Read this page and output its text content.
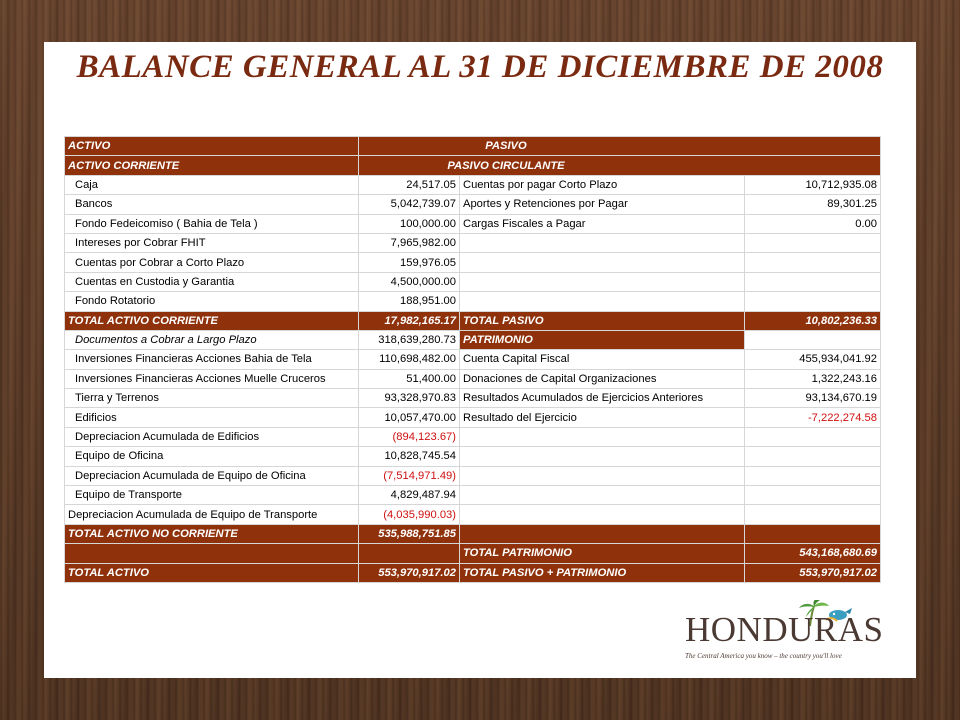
BALANCE GENERAL AL 31 DE DICIEMBRE DE 2008
ACTIVO	PASIVO		
ACTIVO CORRIENTE	PASIVO CIRCULANTE		
Caja	24,517.05	Cuentas por pagar Corto Plazo	10,712,935.08
Bancos	5,042,739.07	Aportes y Retenciones por Pagar	89,301.25
Fondo Fedeicomiso ( Bahia de Tela )	100,000.00	Cargas Fiscales a Pagar	0.00
Intereses por Cobrar FHIT	7,965,982.00		
Cuentas por Cobrar a Corto Plazo	159,976.05		
Cuentas en Custodia y Garantia	4,500,000.00		
Fondo Rotatorio	188,951.00		
TOTAL ACTIVO CORRIENTE	17,982,165.17	TOTAL PASIVO	10,802,236.33
Documentos a Cobrar a Largo Plazo	318,639,280.73	PATRIMONIO	
Inversiones Financieras Acciones Bahia de Tela	110,698,482.00	Cuenta Capital Fiscal	455,934,041.92
Inversiones Financieras Acciones Muelle Cruceros	51,400.00	Donaciones de Capital Organizaciones	1,322,243.16
Tierra y Terrenos	93,328,970.83	Resultados Acumulados de Ejercicios Anteriores	93,134,670.19
Edificios	10,057,470.00	Resultado del Ejercicio	-7,222,274.58
Depreciacion Acumulada de Edificios	(894,123.67)		
Equipo de Oficina	10,828,745.54		
Depreciacion Acumulada de Equipo de Oficina	(7,514,971.49)		
Equipo de Transporte	4,829,487.94		
Depreciacion Acumulada de Equipo de Transporte	(4,035,990.03)		
TOTAL ACTIVO NO CORRIENTE	535,988,751.85		
		TOTAL PATRIMONIO	543,168,680.69
TOTAL ACTIVO	553,970,917.02	TOTAL PASIVO + PATRIMONIO	553,970,917.02
HONDURAS
The Central America you know – the country you'll love
